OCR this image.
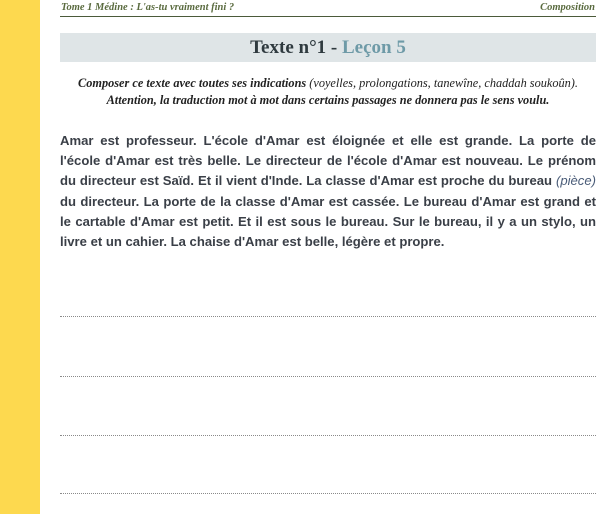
Tome 1 Médine : L'as-tu vraiment fini ?	Composition
Texte n°1 - Leçon 5
Composer ce texte avec toutes ses indications (voyelles, prolongations, tanewîne, chaddah soukoûn). Attention, la traduction mot à mot dans certains passages ne donnera pas le sens voulu.
Amar est professeur. L'école d'Amar est éloignée et elle est grande. La porte de l'école d'Amar est très belle. Le directeur de l'école d'Amar est nouveau. Le prénom du directeur est Saïd. Et il vient d'Inde. La classe d'Amar est proche du bureau (pièce) du directeur. La porte de la classe d'Amar est cassée. Le bureau d'Amar est grand et le cartable d'Amar est petit. Et il est sous le bureau. Sur le bureau, il y a un stylo, un livre et un cahier. La chaise d'Amar est belle, légère et propre.
